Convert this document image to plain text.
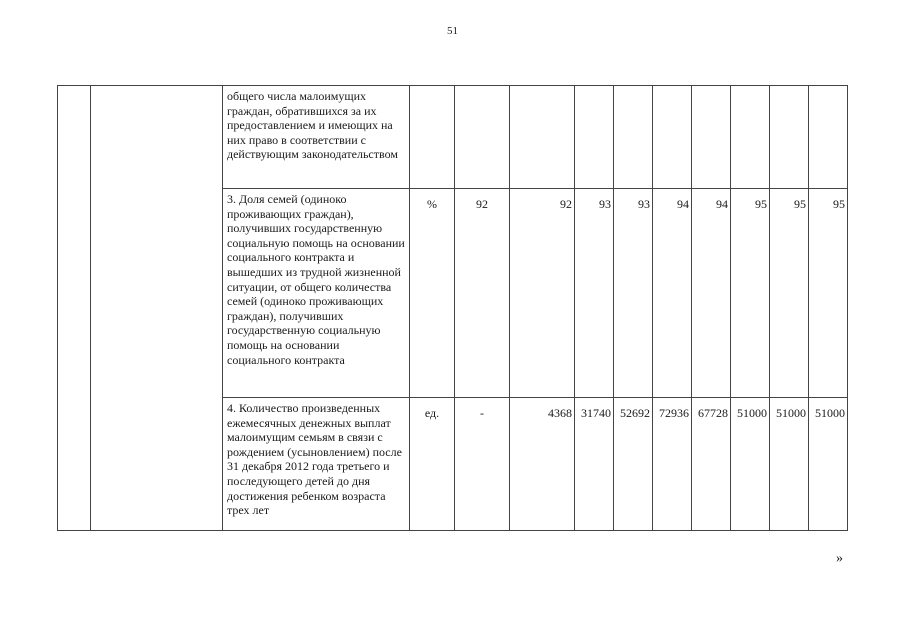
51
		общего числа малоимущих граждан, обратившихся за их предоставлением и имеющих на них право в соответствии с действующим законодательством										
		3. Доля семей (одиноко проживающих граждан), получивших государственную социальную помощь на основании социального контракта и вышедших из трудной жизненной ситуации, от общего количества семей (одиноко проживающих граждан), получивших государственную социальную помощь на основании социального контракта	%	92	92	93	93	94	94	95	95	95
		4. Количество произведенных ежемесячных денежных выплат малоимущим семьям в связи с рождением (усыновлением) после 31 декабря 2012 года третьего и последующего детей до дня достижения ребенком возраста трех лет	ед.	-	4368	31740	52692	72936	67728	51000	51000	51000
»
